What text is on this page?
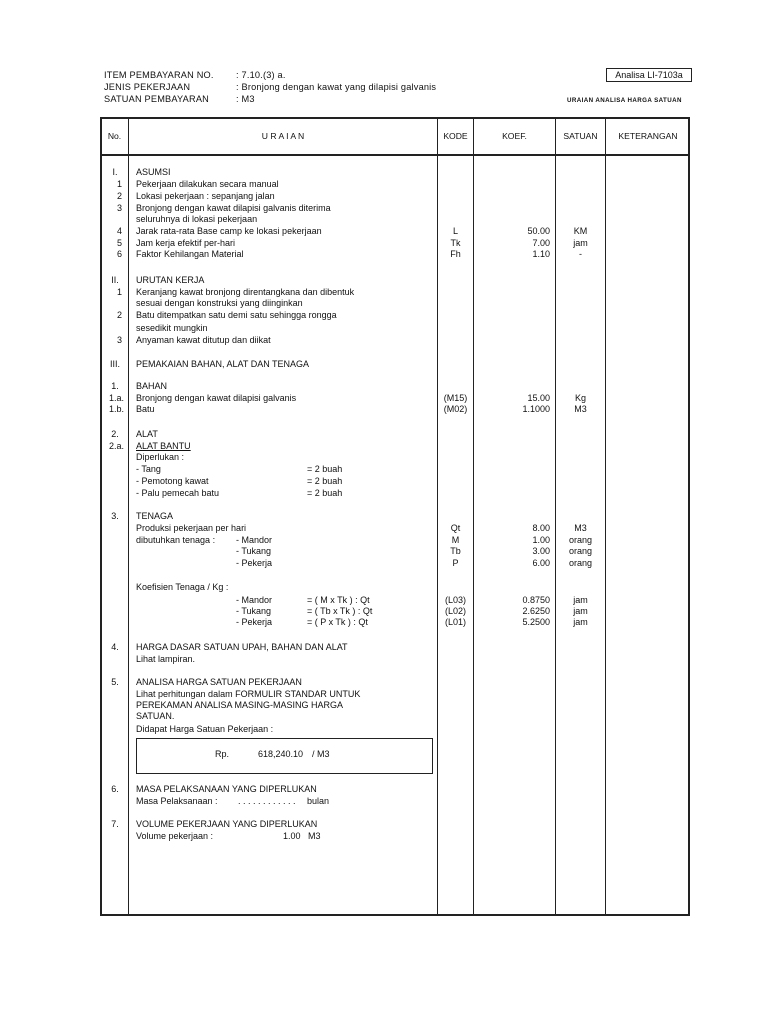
ITEM PEMBAYARAN NO. : 7.10.(3) a.
JENIS PEKERJAAN	: Bronjong dengan kawat yang dilapisi galvanis
SATUAN PEMBAYARAN	: M3
Analisa LI-7103a
URAIAN ANALISA HARGA SATUAN
No.	U R A I A N	KODE	KOEF.	SATUAN	KETERANGAN
I.	ASUMSI
1 Pekerjaan dilakukan secara manual
2 Lokasi pekerjaan : sepanjang jalan
3 Bronjong dengan kawat dilapisi galvanis diterima
seluruhnya di lokasi pekerjaan
4 Jarak rata-rata Base camp ke lokasi pekerjaan	L	50.00	KM
5 Jam kerja efektif per-hari	Tk	7.00	jam
6 Faktor Kehilangan Material	Fh	1.10	-
II.	URUTAN KERJA
1 Keranjang kawat bronjong direntangkana dan dibentuk
sesuai dengan konstruksi yang diinginkan
2 Batu ditempatkan satu demi satu sehingga rongga
sesedikit mungkin
3 Anyaman kawat ditutup dan diikat
III.	PEMAKAIAN BAHAN, ALAT DAN TENAGA
1.	BAHAN
1.a. Bronjong dengan kawat dilapisi galvanis	(M15)	15.00	Kg
1.b. Batu	(M02)	1.1000	M3
2.	ALAT
2.a. ALAT BANTU
Diperlukan :
- Tang	= 2 buah
- Pemotong kawat	= 2 buah
- Palu pemecah batu	= 2 buah
3.	TENAGA
Produksi pekerjaan per hari	Qt	8.00	M3
dibutuhkan tenaga : - Mandor	M	1.00	orang
- Tukang	Tb	3.00	orang
- Pekerja	P	6.00	orang
Koefisien Tenaga / Kg :
- Mandor	= ( M x Tk ) : Qt	(L03)	0.8750	jam
- Tukang	= ( Tb x Tk ) : Qt	(L02)	2.6250	jam
- Pekerja	= ( P x Tk ) : Qt	(L01)	5.2500	jam
4.	HARGA DASAR SATUAN UPAH, BAHAN DAN ALAT
Lihat lampiran.
5.	ANALISA HARGA SATUAN PEKERJAAN
Lihat perhitungan dalam FORMULIR STANDAR UNTUK
PEREKAMAN ANALISA MASING-MASING HARGA
SATUAN.
Didapat Harga Satuan Pekerjaan :
Rp.	618,240.10 / M3
6.	MASA PELAKSANAAN YANG DIPERLUKAN
Masa Pelaksanaan : . . . . . . . . . . . . bulan
7.	VOLUME PEKERJAAN YANG DIPERLUKAN
Volume pekerjaan :	1.00 M3
